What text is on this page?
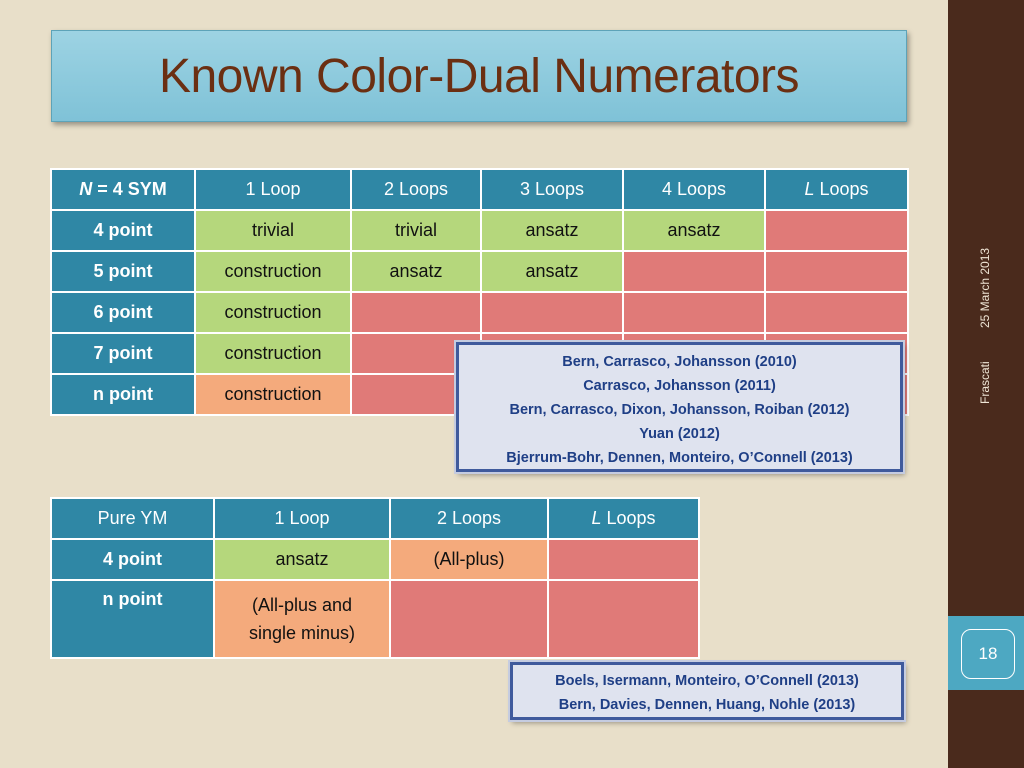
25 March 2013
Frascati
18
Known Color-Dual Numerators
N = 4 SYM	1 Loop	2 Loops	3 Loops	4 Loops	L Loops
4 point	trivial	trivial	ansatz	ansatz	
5 point	construction	ansatz	ansatz		
6 point	construction				
7 point	construction				
n point	construction				
Pure YM	1 Loop	2 Loops	L Loops
4 point	ansatz	(All-plus)	
n point	(All-plus and
single minus)		
Bern, Carrasco, Johansson (2010)
Carrasco, Johansson (2011)
Bern, Carrasco, Dixon, Johansson, Roiban (2012)
Yuan (2012)
Bjerrum-Bohr, Dennen, Monteiro, O’Connell (2013)
Boels, Isermann, Monteiro, O’Connell (2013)
Bern, Davies, Dennen, Huang, Nohle (2013)
